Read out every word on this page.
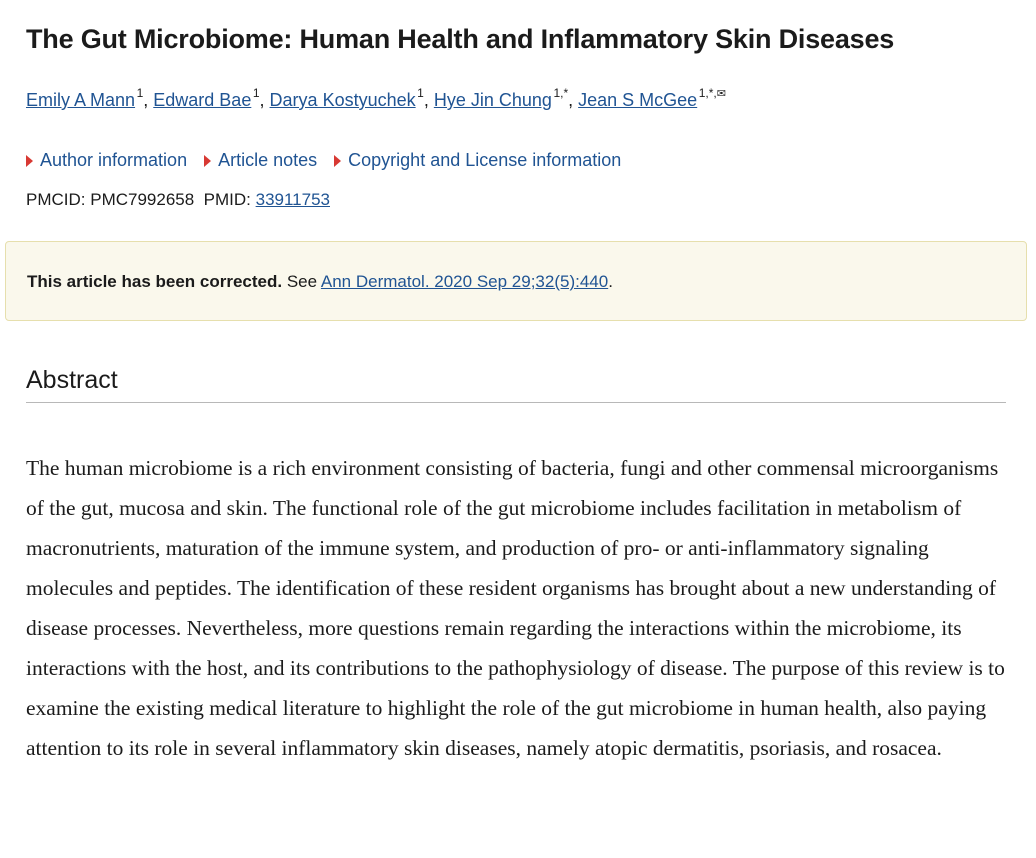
The Gut Microbiome: Human Health and Inflammatory Skin Diseases
Emily A Mann  $^1$, Edward Bae  $^1$, Darya Kostyuchek  $^1$, Hye Jin Chung  $^{1,*}$, Jean S McGee  $^{1,*,✉}$
Author information Article notes Copyright and License information
PMCID: PMC7992658 PMID: 33911753
This article has been corrected. See Ann Dermatol. 2020 Sep 29;32(5):440.
Abstract

The human microbiome is a rich environment consisting of bacteria, fungi and other commensal microorganisms of the gut, mucosa and skin. The functional role of the gut microbiome includes facilitation in metabolism of macronutrients, maturation of the immune system, and production of pro- or anti-inflammatory signaling molecules and peptides. The identification of these resident organisms has brought about a new understanding of disease processes. Nevertheless, more questions remain regarding the interactions within the microbiome, its interactions with the host, and its contributions to the pathophysiology of disease. The purpose of this review is to examine the existing medical literature to highlight the role of the gut microbiome in human health, also paying attention to its role in several inflammatory skin diseases, namely atopic dermatitis, psoriasis, and rosacea.
